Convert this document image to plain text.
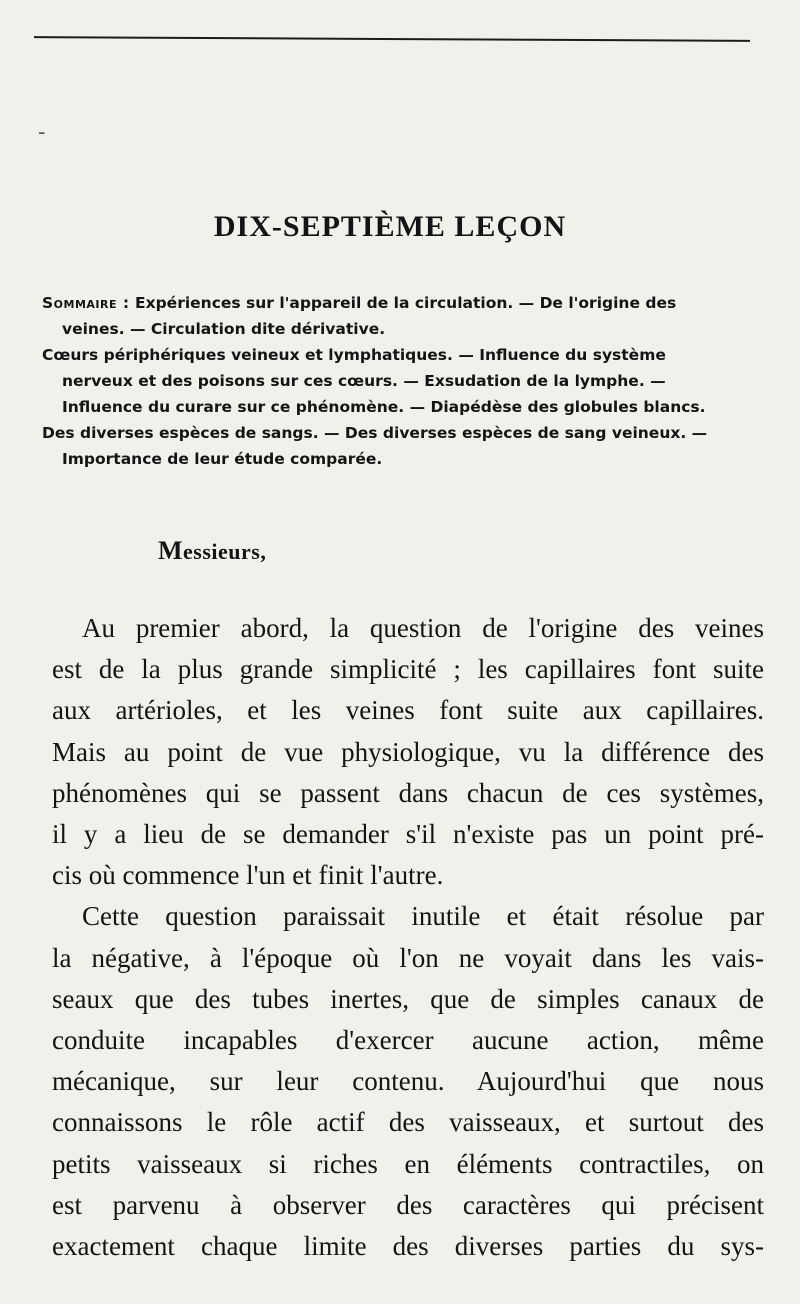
-
DIX-SEPTIÈME LEÇON
Sommaire : Expériences sur l'appareil de la circulation. — De l'origine des
veines. — Circulation dite dérivative.
Cœurs périphériques veineux et lymphatiques. — Influence du système
nerveux et des poisons sur ces cœurs. — Exsudation de la lymphe. —
Influence du curare sur ce phénomène. — Diapédèse des globules blancs.
Des diverses espèces de sangs. — Des diverses espèces de sang veineux. —
Importance de leur étude comparée.
Messieurs,
Au premier abord, la question de l'origine des veines
est de la plus grande simplicité ; les capillaires font suite
aux artérioles, et les veines font suite aux capillaires.
Mais au point de vue physiologique, vu la différence des
phénomènes qui se passent dans chacun de ces systèmes,
il y a lieu de se demander s'il n'existe pas un point pré-
cis où commence l'un et finit l'autre.
Cette question paraissait inutile et était résolue par
la négative, à l'époque où l'on ne voyait dans les vais-
seaux que des tubes inertes, que de simples canaux de
conduite incapables d'exercer aucune action, même
mécanique, sur leur contenu. Aujourd'hui que nous
connaissons le rôle actif des vaisseaux, et surtout des
petits vaisseaux si riches en éléments contractiles, on
est parvenu à observer des caractères qui précisent
exactement chaque limite des diverses parties du sys-
